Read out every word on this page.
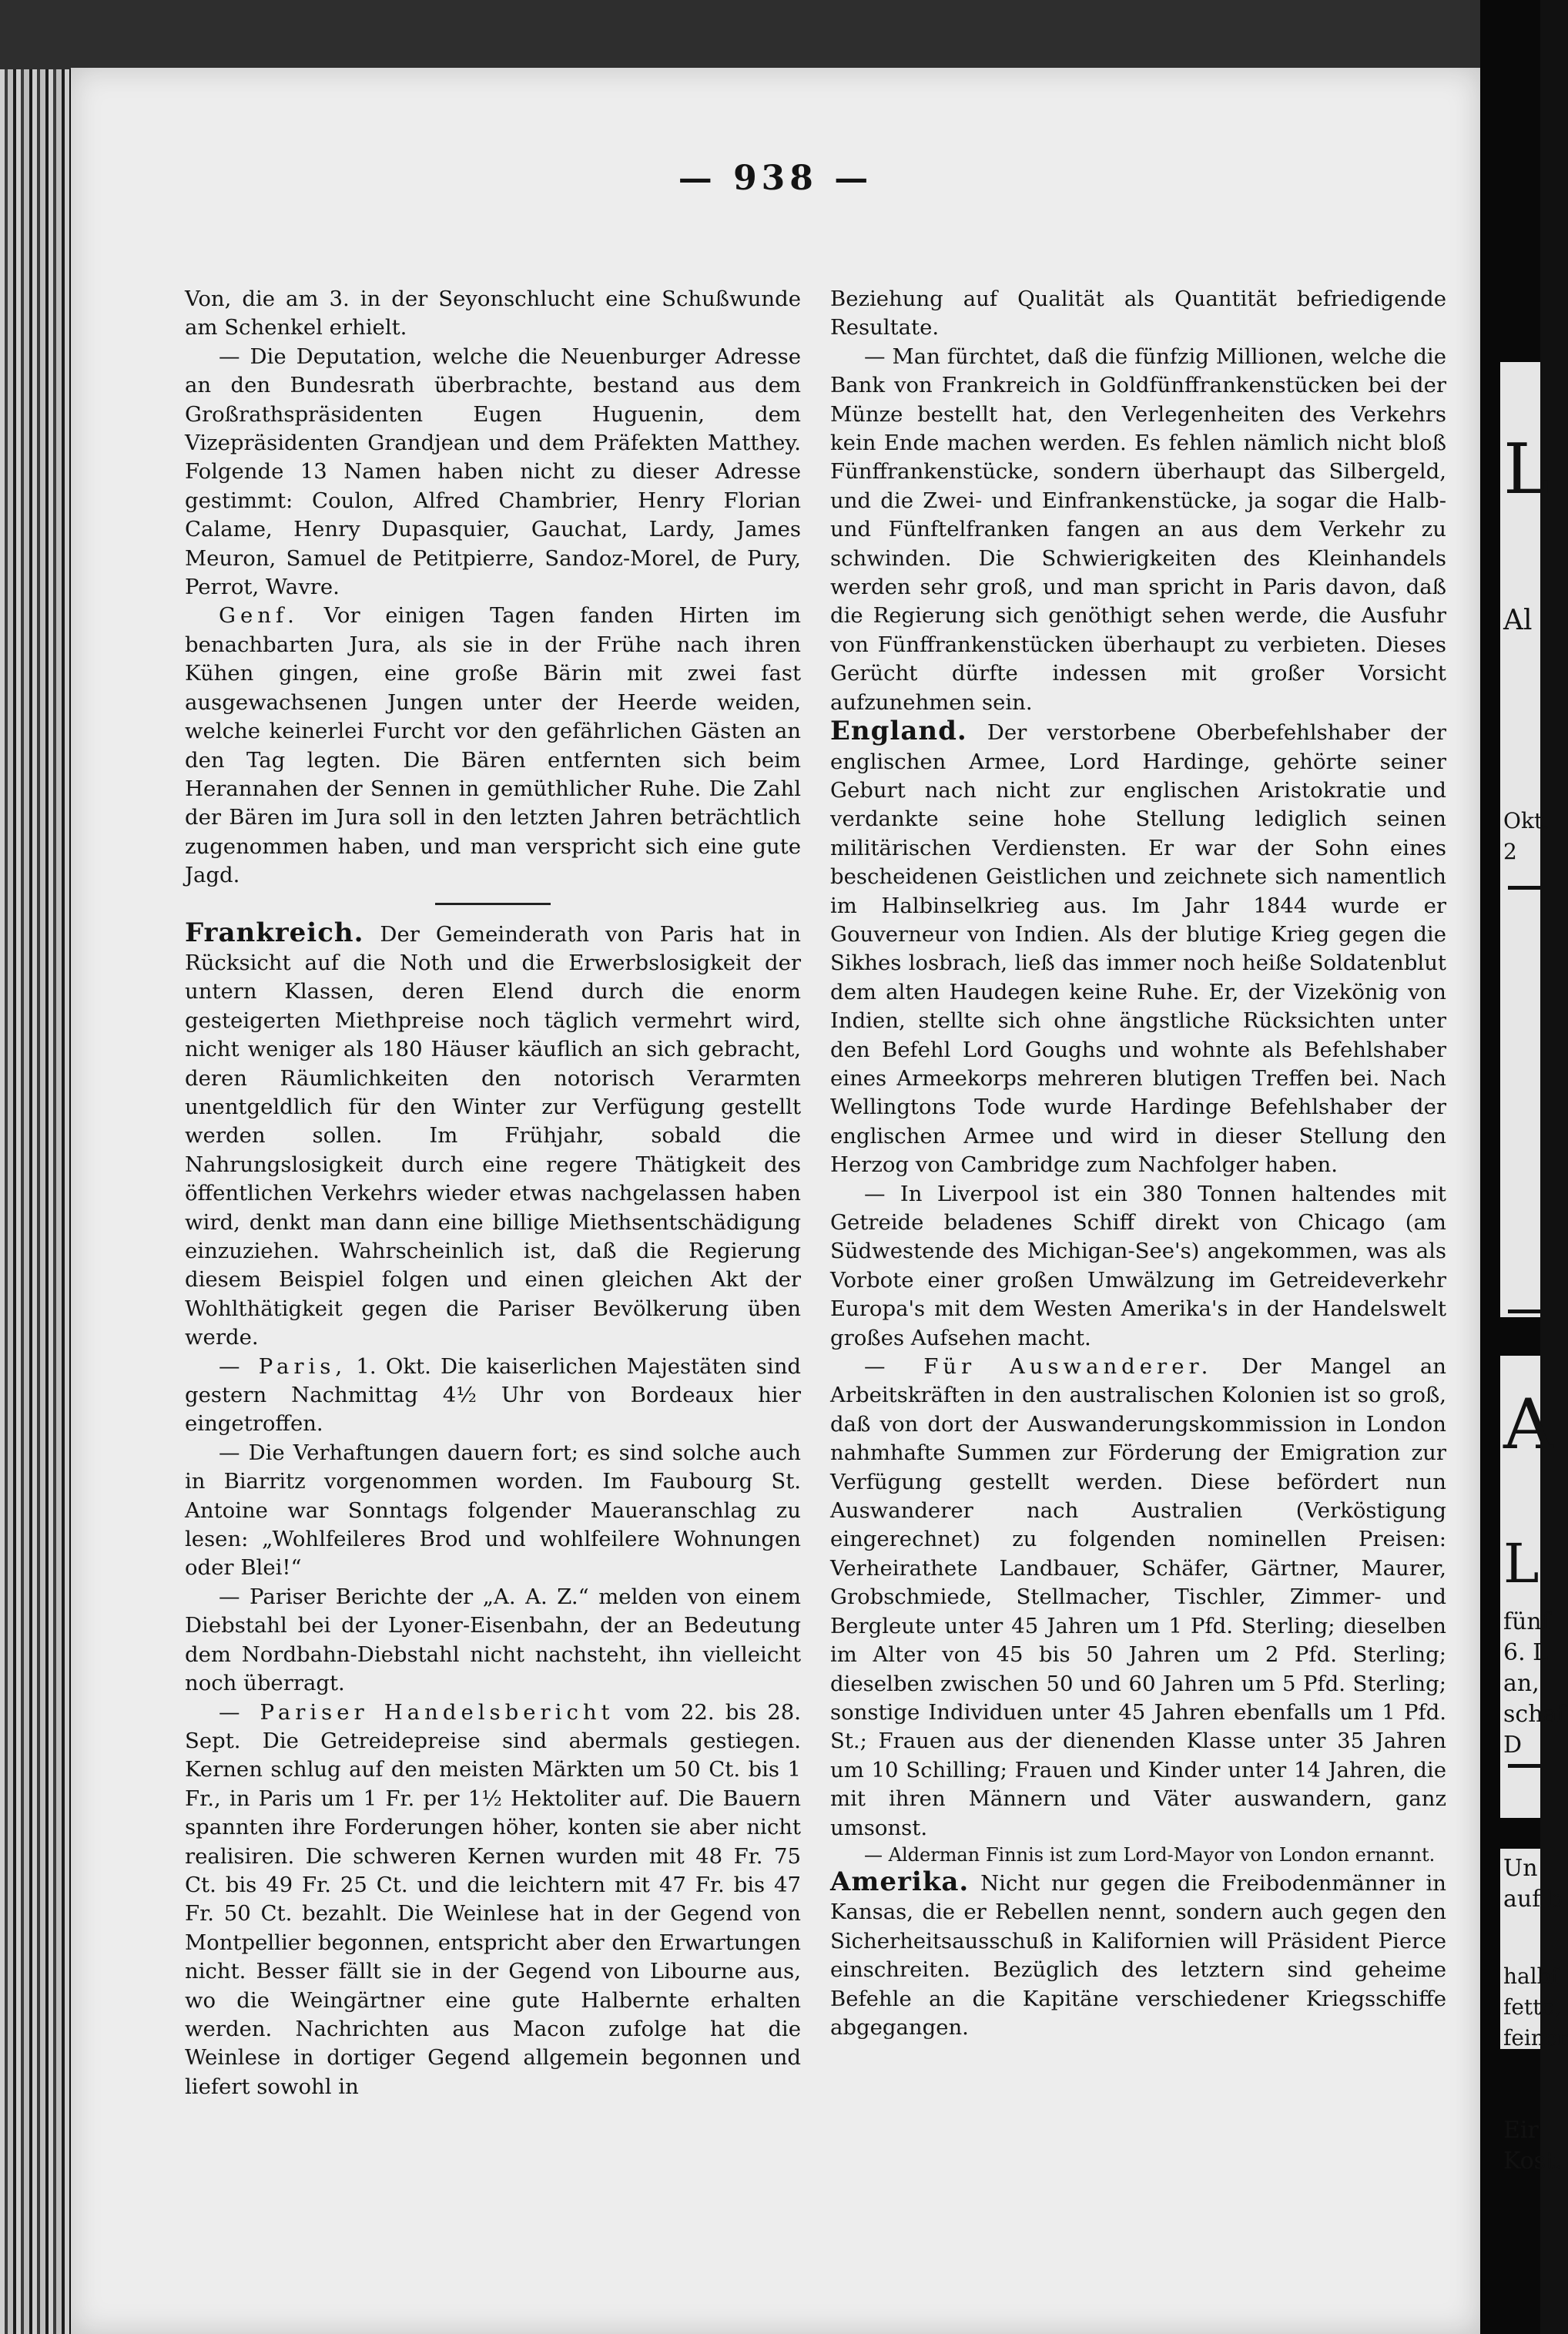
— 938 —

Von, die am 3. in der Seyonschlucht eine Schußwunde am Schenkel erhielt.

— Die Deputation, welche die Neuenburger Adresse an den Bundesrath überbrachte, bestand aus dem Großrathspräsidenten Eugen Huguenin, dem Vizepräsidenten Grandjean und dem Präfekten Matthey. Folgende 13 Namen haben nicht zu dieser Adresse gestimmt: Coulon, Alfred Chambrier, Henry Florian Calame, Henry Dupasquier, Gauchat, Lardy, James Meuron, Samuel de Petitpierre, Sandoz-Morel, de Pury, Perrot, Wavre.

Genf. Vor einigen Tagen fanden Hirten im benachbarten Jura, als sie in der Frühe nach ihren Kühen gingen, eine große Bärin mit zwei fast ausgewachsenen Jungen unter der Heerde weiden, welche keinerlei Furcht vor den gefährlichen Gästen an den Tag legten. Die Bären entfernten sich beim Herannahen der Sennen in gemüthlicher Ruhe. Die Zahl der Bären im Jura soll in den letzten Jahren beträchtlich zugenommen haben, und man verspricht sich eine gute Jagd.

Frankreich. Der Gemeinderath von Paris hat in Rücksicht auf die Noth und die Erwerbslosigkeit der untern Klassen, deren Elend durch die enorm gesteigerten Miethpreise noch täglich vermehrt wird, nicht weniger als 180 Häuser käuflich an sich gebracht, deren Räumlichkeiten den notorisch Verarmten unentgeldlich für den Winter zur Verfügung gestellt werden sollen. Im Frühjahr, sobald die Nahrungslosigkeit durch eine regere Thätigkeit des öffentlichen Verkehrs wieder etwas nachgelassen haben wird, denkt man dann eine billige Miethsentschädigung einzuziehen. Wahrscheinlich ist, daß die Regierung diesem Beispiel folgen und einen gleichen Akt der Wohlthätigkeit gegen die Pariser Bevölkerung üben werde.

— Paris, 1. Okt. Die kaiserlichen Majestäten sind gestern Nachmittag 4½ Uhr von Bordeaux hier eingetroffen.

— Die Verhaftungen dauern fort; es sind solche auch in Biarritz vorgenommen worden. Im Faubourg St. Antoine war Sonntags folgender Maueranschlag zu lesen: „Wohlfeileres Brod und wohlfeilere Wohnungen oder Blei!“

— Pariser Berichte der „A. A. Z.“ melden von einem Diebstahl bei der Lyoner-Eisenbahn, der an Bedeutung dem Nordbahn-Diebstahl nicht nachsteht, ihn vielleicht noch überragt.

— Pariser Handelsbericht vom 22. bis 28. Sept. Die Getreidepreise sind abermals gestiegen. Kernen schlug auf den meisten Märkten um 50 Ct. bis 1 Fr., in Paris um 1 Fr. per 1½ Hektoliter auf. Die Bauern spannten ihre Forderungen höher, konten sie aber nicht realisiren. Die schweren Kernen wurden mit 48 Fr. 75 Ct. bis 49 Fr. 25 Ct. und die leichtern mit 47 Fr. bis 47 Fr. 50 Ct. bezahlt. Die Weinlese hat in der Gegend von Montpellier begonnen, entspricht aber den Erwartungen nicht. Besser fällt sie in der Gegend von Libourne aus, wo die Weingärtner eine gute Halbernte erhalten werden. Nachrichten aus Macon zufolge hat die Weinlese in dortiger Gegend allgemein begonnen und liefert sowohl in

Beziehung auf Qualität als Quantität befriedigende Resultate.

— Man fürchtet, daß die fünfzig Millionen, welche die Bank von Frankreich in Goldfünffrankenstücken bei der Münze bestellt hat, den Verlegenheiten des Verkehrs kein Ende machen werden. Es fehlen nämlich nicht bloß Fünffrankenstücke, sondern überhaupt das Silbergeld, und die Zwei- und Einfrankenstücke, ja sogar die Halb- und Fünftelfranken fangen an aus dem Verkehr zu schwinden. Die Schwierigkeiten des Kleinhandels werden sehr groß, und man spricht in Paris davon, daß die Regierung sich genöthigt sehen werde, die Ausfuhr von Fünffrankenstücken überhaupt zu verbieten. Dieses Gerücht dürfte indessen mit großer Vorsicht aufzunehmen sein.

England. Der verstorbene Oberbefehlshaber der englischen Armee, Lord Hardinge, gehörte seiner Geburt nach nicht zur englischen Aristokratie und verdankte seine hohe Stellung lediglich seinen militärischen Verdiensten. Er war der Sohn eines bescheidenen Geistlichen und zeichnete sich namentlich im Halbinselkrieg aus. Im Jahr 1844 wurde er Gouverneur von Indien. Als der blutige Krieg gegen die Sikhes losbrach, ließ das immer noch heiße Soldatenblut dem alten Haudegen keine Ruhe. Er, der Vizekönig von Indien, stellte sich ohne ängstliche Rücksichten unter den Befehl Lord Goughs und wohnte als Befehlshaber eines Armeekorps mehreren blutigen Treffen bei. Nach Wellingtons Tode wurde Hardinge Befehlshaber der englischen Armee und wird in dieser Stellung den Herzog von Cambridge zum Nachfolger haben.

— In Liverpool ist ein 380 Tonnen haltendes mit Getreide beladenes Schiff direkt von Chicago (am Südwestende des Michigan-See's) angekommen, was als Vorbote einer großen Umwälzung im Getreideverkehr Europa's mit dem Westen Amerika's in der Handelswelt großes Aufsehen macht.

— Für Auswanderer. Der Mangel an Arbeitskräften in den australischen Kolonien ist so groß, daß von dort der Auswanderungskommission in London nahmhafte Summen zur Förderung der Emigration zur Verfügung gestellt werden. Diese befördert nun Auswanderer nach Australien (Verköstigung eingerechnet) zu folgenden nominellen Preisen: Verheirathete Landbauer, Schäfer, Gärtner, Maurer, Grobschmiede, Stellmacher, Tischler, Zimmer- und Bergleute unter 45 Jahren um 1 Pfd. Sterling; dieselben im Alter von 45 bis 50 Jahren um 2 Pfd. Sterling; dieselben zwischen 50 und 60 Jahren um 5 Pfd. Sterling; sonstige Individuen unter 45 Jahren ebenfalls um 1 Pfd. St.; Frauen aus der dienenden Klasse unter 35 Jahren um 10 Schilling; Frauen und Kinder unter 14 Jahren, die mit ihren Männern und Väter auswandern, ganz umsonst.

— Alderman Finnis ist zum Lord-Mayor von London ernannt.

Amerika. Nicht nur gegen die Freibodenmänner in Kansas, die er Rebellen nennt, sondern auch gegen den Sicherheitsausschuß in Kalifornien will Präsident Pierce einschreiten. Bezüglich des letztern sind geheime Befehle an die Kapitäne verschiedener Kriegsschiffe abgegangen.

L
Al
Okt.
2
A
L
fünf
6. L
an,
schaf
D
Un
auf b
halbf
fette,
feiner
Eir
Kost.
